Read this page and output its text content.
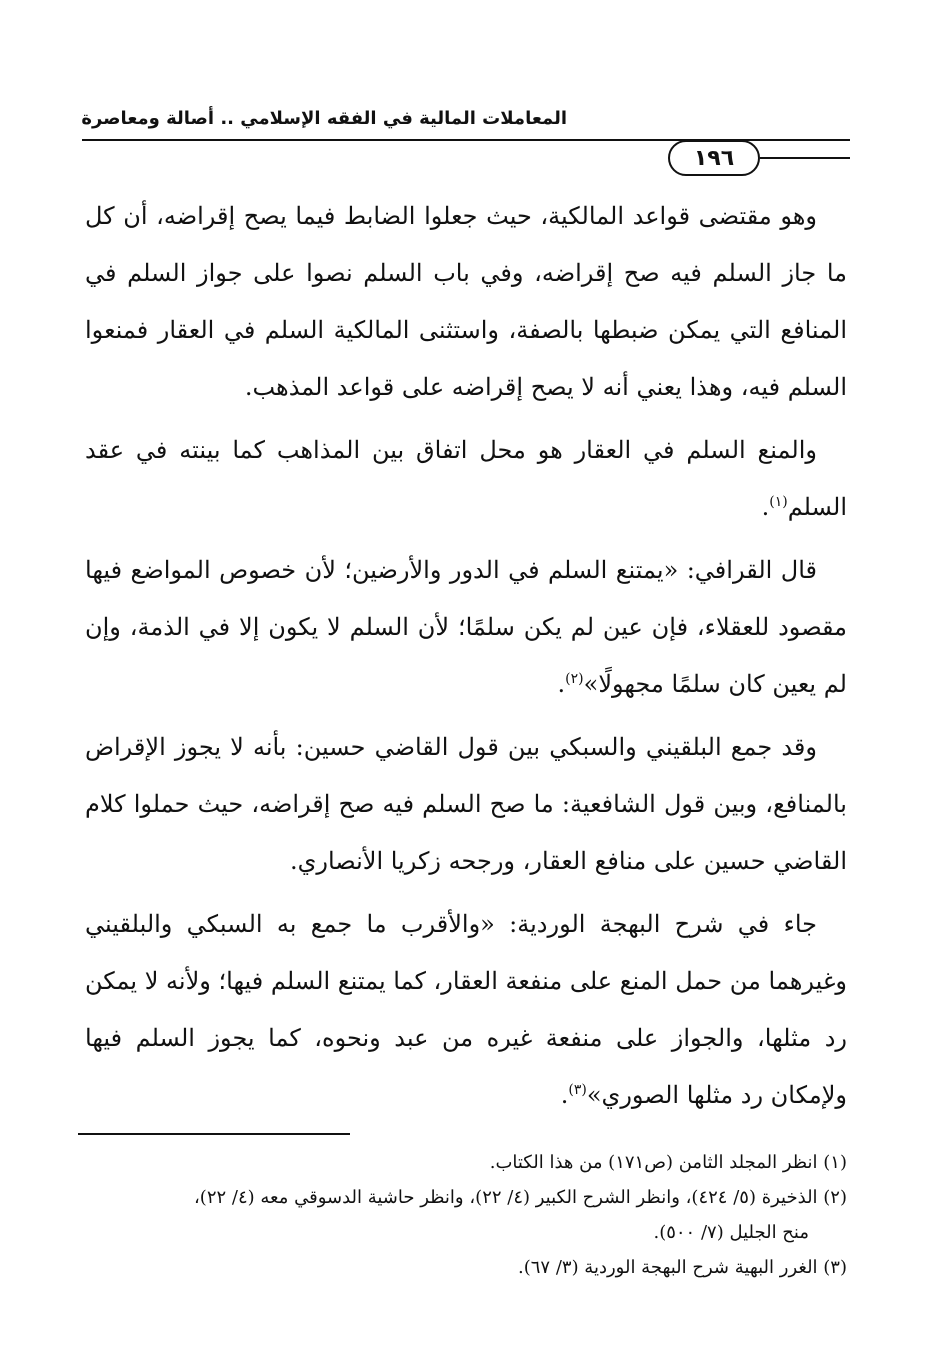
المعاملات المالية في الفقه الإسلامي .. أصالة ومعاصرة
١٩٦

وهو مقتضى قواعد المالكية، حيث جعلوا الضابط فيما يصح إقراضه، أن كل ما جاز السلم فيه صح إقراضه، وفي باب السلم نصوا على جواز السلم في المنافع التي يمكن ضبطها بالصفة، واستثنى المالكية السلم في العقار فمنعوا السلم فيه، وهذا يعني أنه لا يصح إقراضه على قواعد المذهب.

والمنع السلم في العقار هو محل اتفاق بين المذاهب كما بينته في عقد السلم$^{(١)}$.

قال القرافي: «يمتنع السلم في الدور والأرضين؛ لأن خصوص المواضع فيها مقصود للعقلاء، فإن عين لم يكن سلمًا؛ لأن السلم لا يكون إلا في الذمة، وإن لم يعين كان سلمًا مجهولًا»$^{(٢)}$.

وقد جمع البلقيني والسبكي بين قول القاضي حسين: بأنه لا يجوز الإقراض بالمنافع، وبين قول الشافعية: ما صح السلم فيه صح إقراضه، حيث حملوا كلام القاضي حسين على منافع العقار، ورجحه زكريا الأنصاري.

جاء في شرح البهجة الوردية: «والأقرب ما جمع به السبكي والبلقيني وغيرهما من حمل المنع على منفعة العقار، كما يمتنع السلم فيها؛ ولأنه لا يمكن رد مثلها، والجواز على منفعة غيره من عبد ونحوه، كما يجوز السلم فيها ولإمكان رد مثلها الصوري»$^{(٣)}$.

(١) انظر المجلد الثامن (ص١٧١) من هذا الكتاب.

(٢) الذخيرة (٥/ ٤٢٤)، وانظر الشرح الكبير (٤/ ٢٢)، وانظر حاشية الدسوقي معه (٤/ ٢٢)،

منح الجليل (٧/ ٥٠٠).

(٣) الغرر البهية شرح البهجة الوردية (٣/ ٦٧).
